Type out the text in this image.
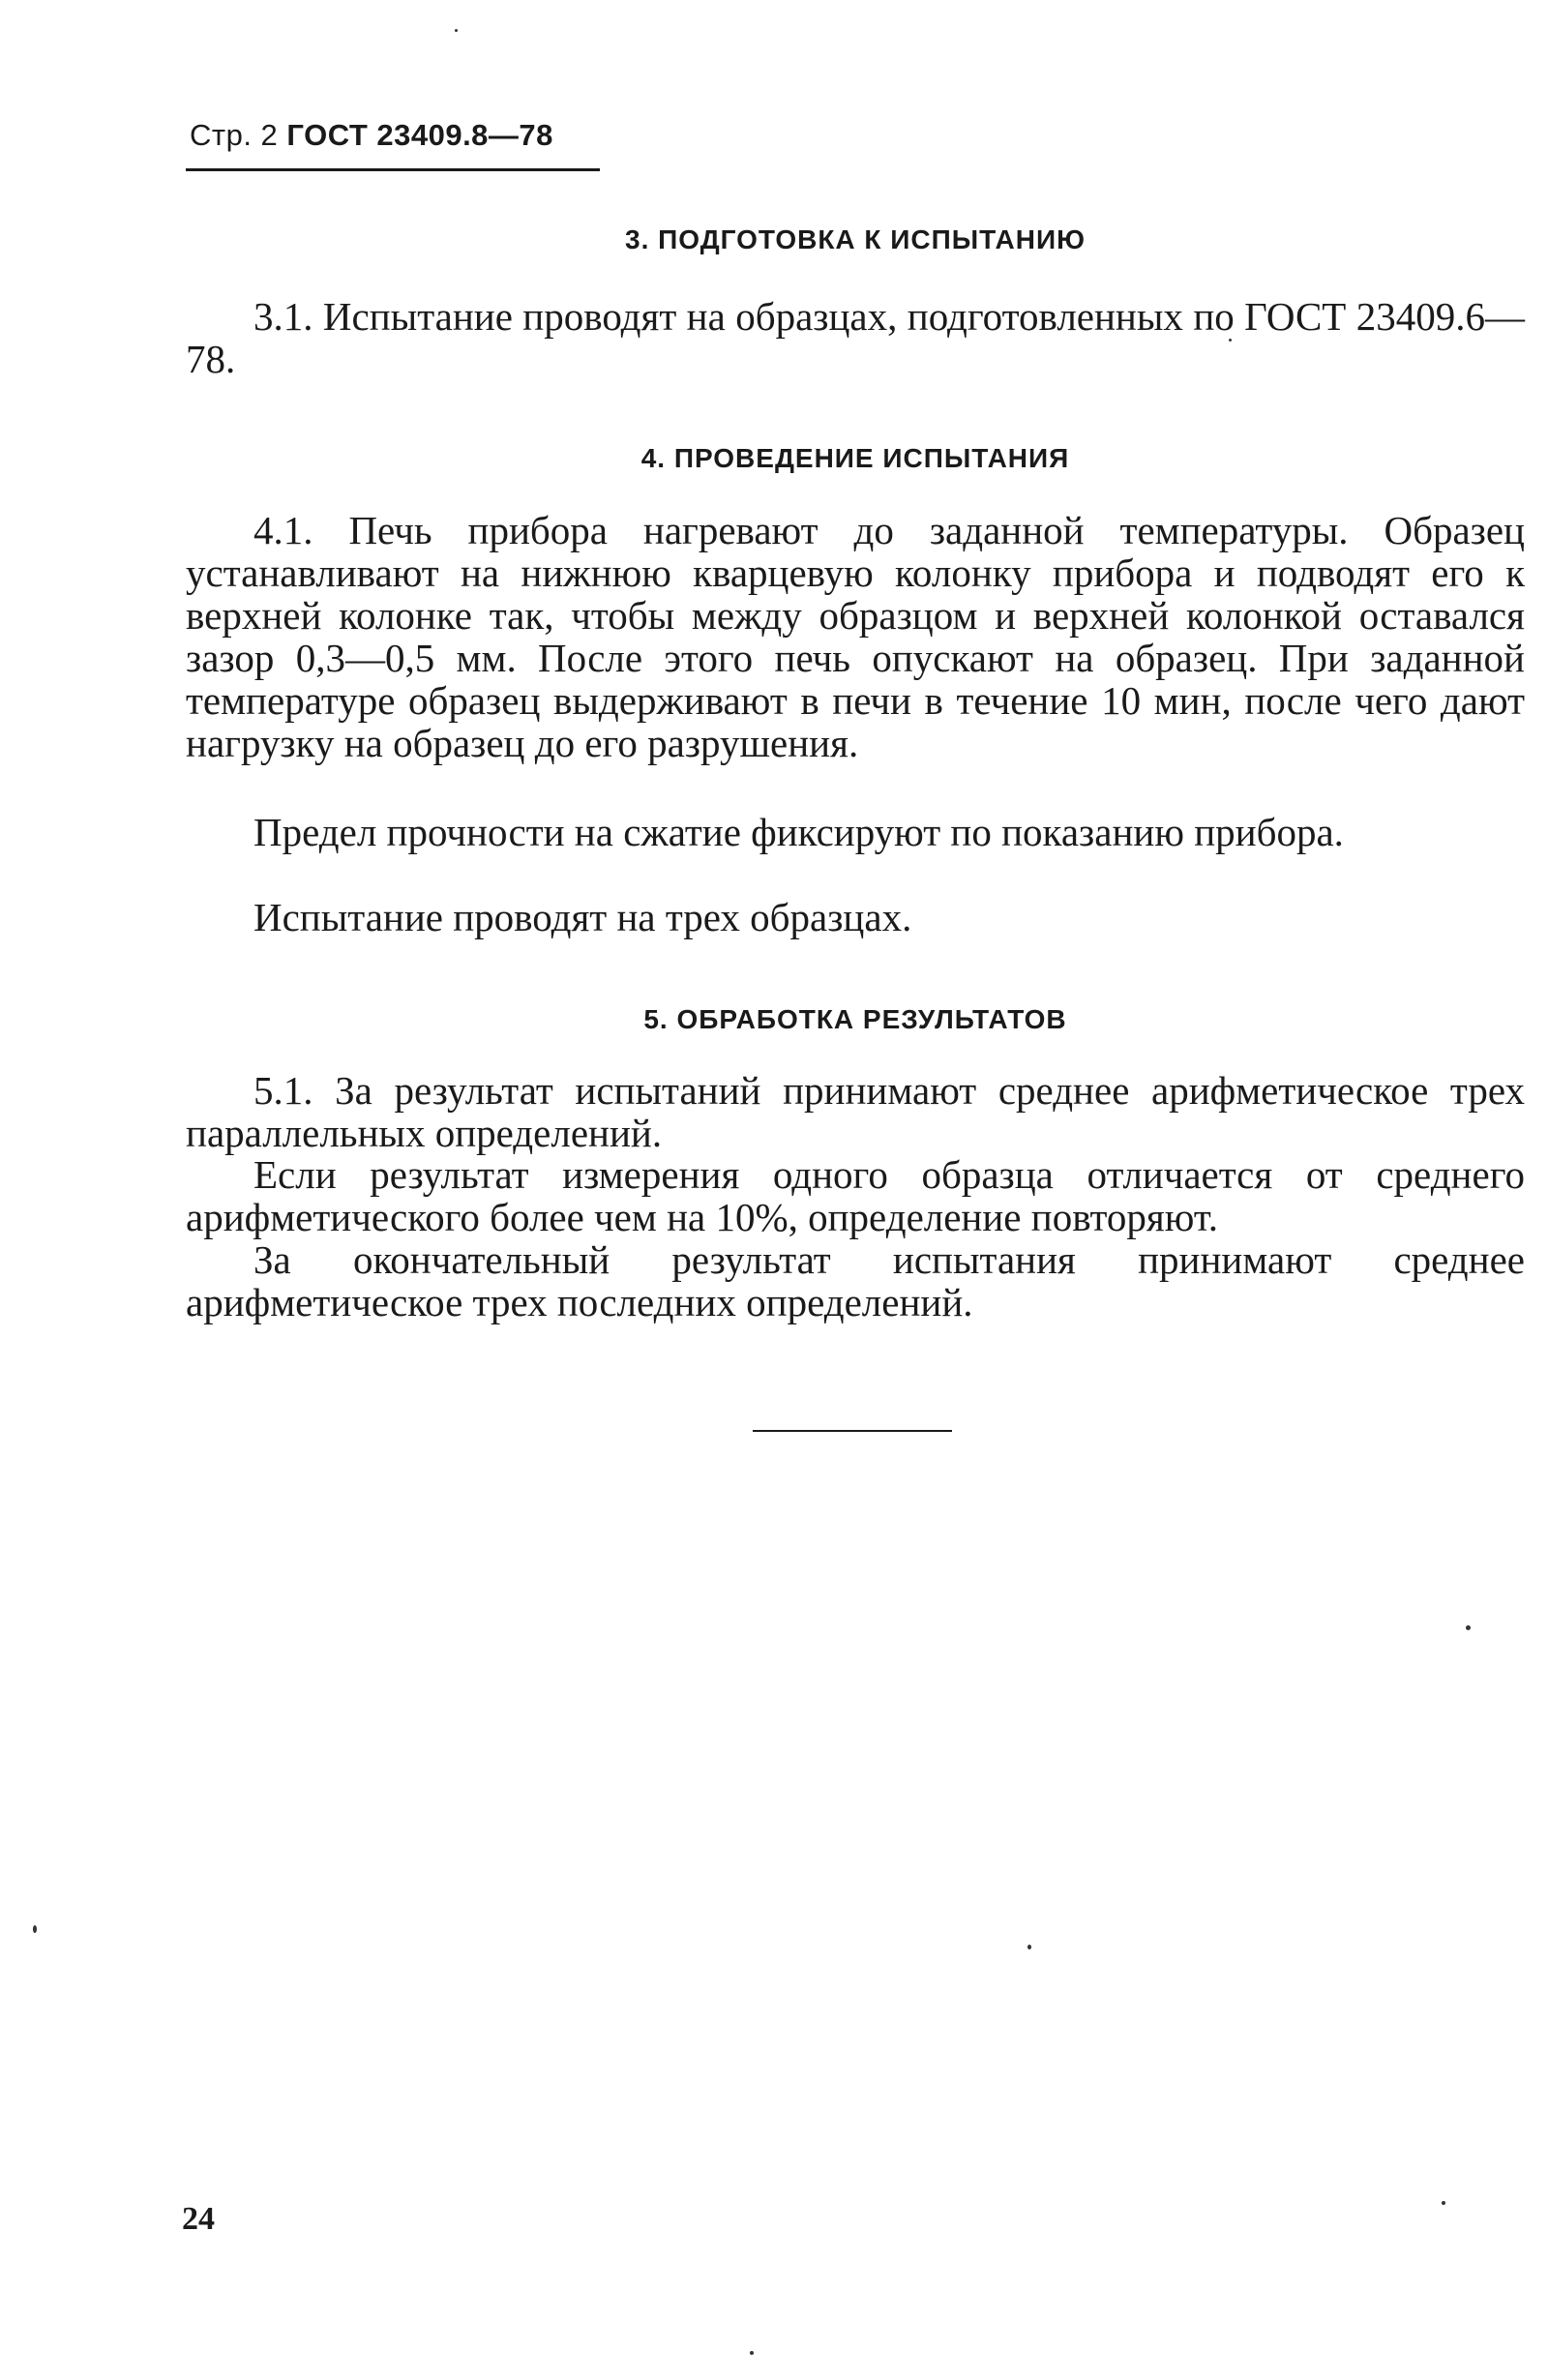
Стр. 2 ГОСТ 23409.8—78
3. ПОДГОТОВКА К ИСПЫТАНИЮ

3.1. Испытание проводят на образцах, подготовленных по ГОСТ 23409.6—78.

4. ПРОВЕДЕНИЕ ИСПЫТАНИЯ

4.1. Печь прибора нагревают до заданной температуры. Образец устанавливают на нижнюю кварцевую колонку прибора и подводят его к верхней колонке так, чтобы между образцом и верхней колонкой оставался зазор 0,3—0,5 мм. После этого печь опускают на образец. При заданной температуре образец выдерживают в печи в течение 10 мин, после чего дают нагрузку на образец до его разрушения.

Предел прочности на сжатие фиксируют по показанию прибора.

Испытание проводят на трех образцах.

5. ОБРАБОТКА РЕЗУЛЬТАТОВ

5.1. За результат испытаний принимают среднее арифметическое трех параллельных определений.

Если результат измерения одного образца отличается от среднего арифметического более чем на 10%, определение повторяют.

За окончательный результат испытания принимают среднее арифметическое трех последних определений.

24
